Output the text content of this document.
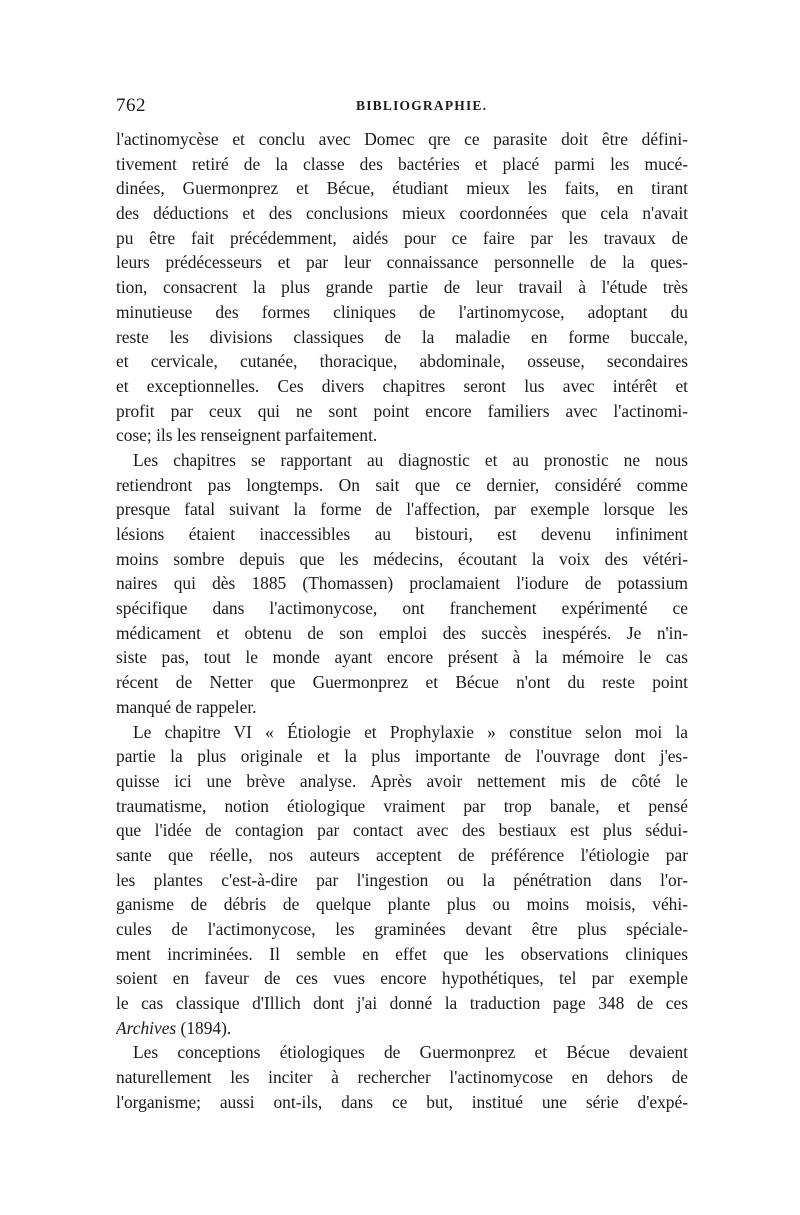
762	BIBLIOGRAPHIE.
l'actinomycèse et conclu avec Domec qre ce parasite doit être défini-
tivement retiré de la classe des bactéries et placé parmi les mucé-
dinées, Guermonprez et Bécue, étudiant mieux les faits, en tirant
des déductions et des conclusions mieux coordonnées que cela n'avait
pu être fait précédemment, aidés pour ce faire par les travaux de
leurs prédécesseurs et par leur connaissance personnelle de la ques-
tion, consacrent la plus grande partie de leur travail à l'étude très
minutieuse des formes cliniques de l'artinomycose, adoptant du
reste les divisions classiques de la maladie en forme buccale,
et cervicale, cutanée, thoracique, abdominale, osseuse, secondaires
et exceptionnelles. Ces divers chapitres seront lus avec intérêt et
profit par ceux qui ne sont point encore familiers avec l'actinomi-
cose; ils les renseignent parfaitement.
Les chapitres se rapportant au diagnostic et au pronostic ne nous
retiendront pas longtemps. On sait que ce dernier, considéré comme
presque fatal suivant la forme de l'affection, par exemple lorsque les
lésions étaient inaccessibles au bistouri, est devenu infiniment
moins sombre depuis que les médecins, écoutant la voix des vétéri-
naires qui dès 1885 (Thomassen) proclamaient l'iodure de potassium
spécifique dans l'actimonycose, ont franchement expérimenté ce
médicament et obtenu de son emploi des succès inespérés. Je n'in-
siste pas, tout le monde ayant encore présent à la mémoire le cas
récent de Netter que Guermonprez et Bécue n'ont du reste point
manqué de rappeler.
Le chapitre VI « Étiologie et Prophylaxie » constitue selon moi la
partie la plus originale et la plus importante de l'ouvrage dont j'es-
quisse ici une brève analyse. Après avoir nettement mis de côté le
traumatisme, notion étiologique vraiment par trop banale, et pensé
que l'idée de contagion par contact avec des bestiaux est plus sédui-
sante que réelle, nos auteurs acceptent de préférence l'étiologie par
les plantes c'est-à-dire par l'ingestion ou la pénétration dans l'or-
ganisme de débris de quelque plante plus ou moins moisis, véhi-
cules de l'actimonycose, les graminées devant être plus spéciale-
ment incriminées. Il semble en effet que les observations cliniques
soient en faveur de ces vues encore hypothétiques, tel par exemple
le cas classique d'Illich dont j'ai donné la traduction page 348 de ces
Archives (1894).
Les conceptions étiologiques de Guermonprez et Bécue devaient
naturellement les inciter à rechercher l'actinomycose en dehors de
l'organisme; aussi ont-ils, dans ce but, institué une série d'expé-
